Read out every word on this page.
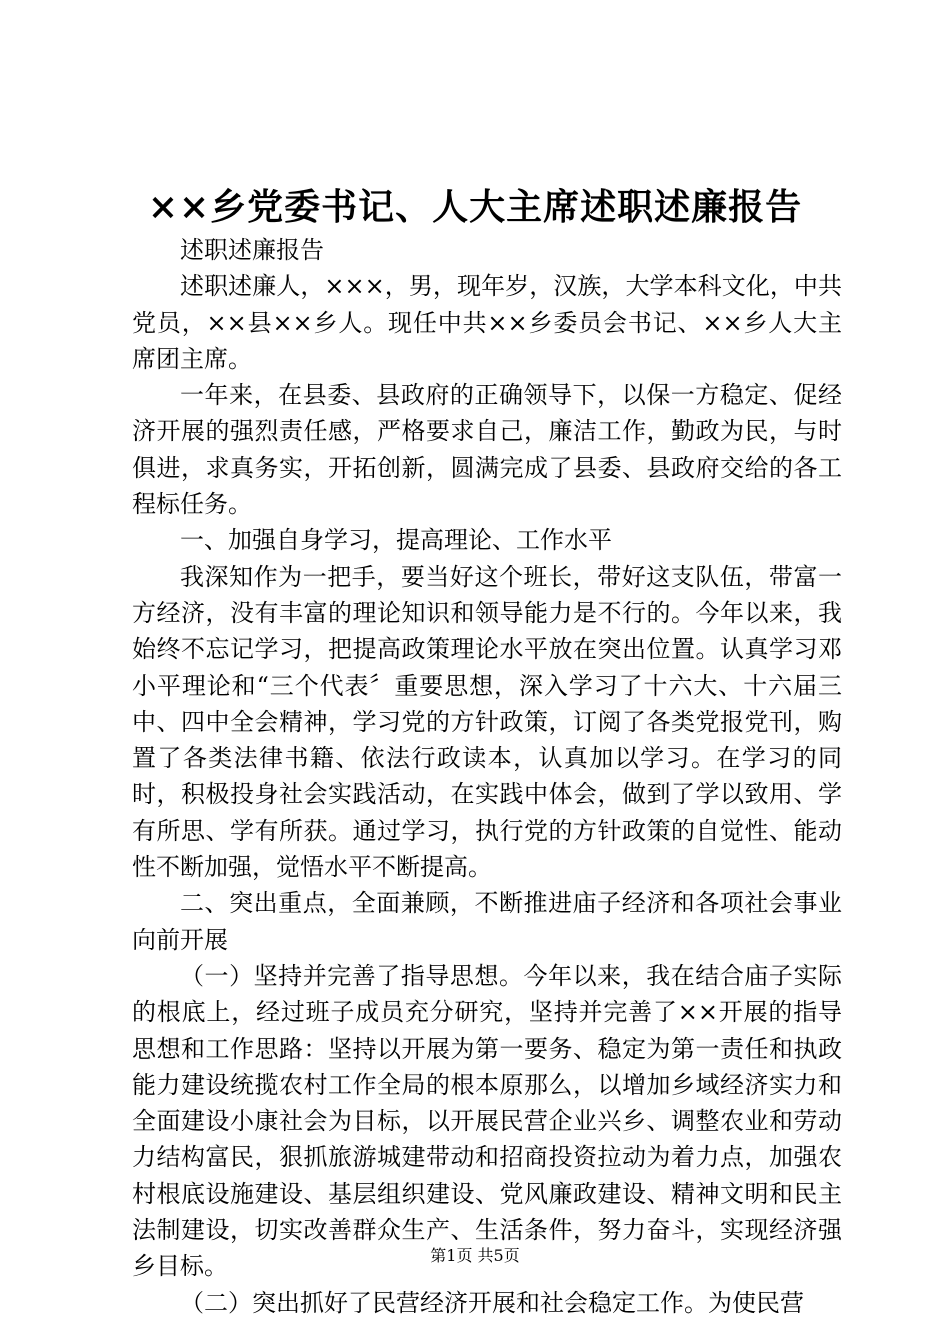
××乡党委书记、人大主席述职述廉报告

述职述廉报告

述职述廉人，×××，男，现年岁，汉族，大学本科文化，中共党员，××县××乡人。现任中共××乡委员会书记、××乡人大主席团主席。

一年来，在县委、县政府的正确领导下，以保一方稳定、促经济开展的强烈责任感，严格要求自己，廉洁工作，勤政为民，与时俱进，求真务实，开拓创新，圆满完成了县委、县政府交给的各工程标任务。

一、加强自身学习，提高理论、工作水平

我深知作为一把手，要当好这个班长，带好这支队伍，带富一方经济，没有丰富的理论知识和领导能力是不行的。今年以来，我始终不忘记学习，把提高政策理论水平放在突出位置。认真学习邓小平理论和“三个代表〞重要思想，深入学习了十六大、十六届三中、四中全会精神，学习党的方针政策，订阅了各类党报党刊，购置了各类法律书籍、依法行政读本，认真加以学习。在学习的同时，积极投身社会实践活动，在实践中体会，做到了学以致用、学有所思、学有所获。通过学习，执行党的方针政策的自觉性、能动性不断加强，觉悟水平不断提高。

二、突出重点，全面兼顾，不断推进庙子经济和各项社会事业向前开展

（一）坚持并完善了指导思想。今年以来，我在结合庙子实际的根底上，经过班子成员充分研究，坚持并完善了××开展的指导思想和工作思路：坚持以开展为第一要务、稳定为第一责任和执政能力建设统揽农村工作全局的根本原那么，以增加乡域经济实力和全面建设小康社会为目标，以开展民营企业兴乡、调整农业和劳动力结构富民，狠抓旅游城建带动和招商投资拉动为着力点，加强农村根底设施建设、基层组织建设、党风廉政建设、精神文明和民主法制建设，切实改善群众生产、生活条件，努力奋斗，实现经济强乡目标。

（二）突出抓好了民营经济开展和社会稳定工作。为使民营

第1页 共5页
